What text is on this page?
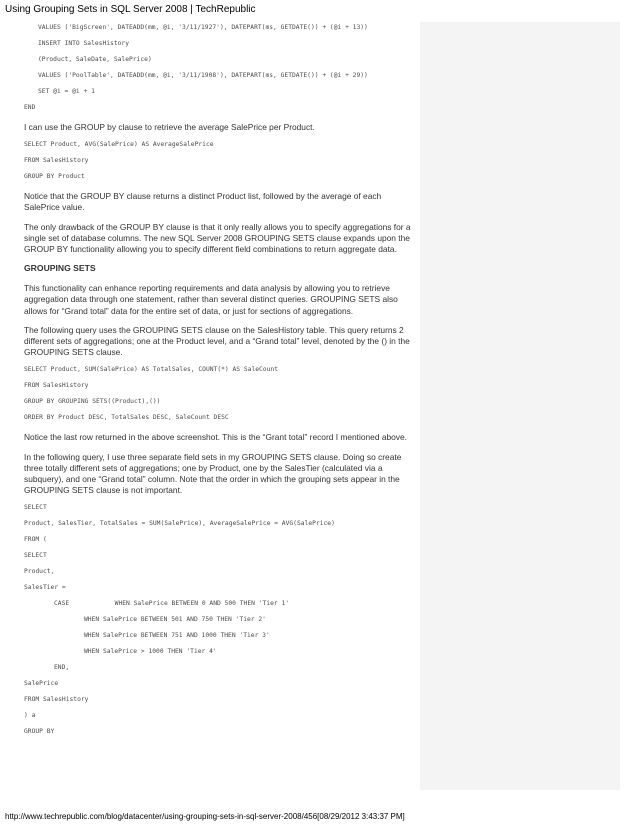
Using Grouping Sets in SQL Server 2008 | TechRepublic
VALUES ('BigScreen', DATEADD(mm, @i, '3/11/1927'), DATEPART(ms, GETDATE()) + (@i + 13))
INSERT INTO SalesHistory
(Product, SaleDate, SalePrice)
VALUES ('PoolTable', DATEADD(mm, @i, '3/11/1908'), DATEPART(ms, GETDATE()) + (@i + 29))
SET @i = @i + 1
END
I can use the GROUP by clause to retrieve the average SalePrice per Product.
SELECT Product, AVG(SalePrice) AS AverageSalePrice
FROM SalesHistory
GROUP BY Product
Notice that the GROUP BY clause returns a distinct Product list, followed by the average of each SalePrice value.
The only drawback of the GROUP BY clause is that it only really allows you to specify aggregations for a single set of database columns. The new SQL Server 2008 GROUPING SETS clause expands upon the GROUP BY functionality allowing you to specify different field combinations to return aggregate data.
GROUPING SETS
This functionality can enhance reporting requirements and data analysis by allowing you to retrieve aggregation data through one statement, rather than several distinct queries. GROUPING SETS also allows for “Grand total” data for the entire set of data, or just for sections of aggregations.
The following query uses the GROUPING SETS clause on the SalesHistory table. This query returns 2 different sets of aggregations; one at the Product level, and a “Grand total” level, denoted by the () in the GROUPING SETS clause.
SELECT Product, SUM(SalePrice) AS TotalSales, COUNT(*) AS SaleCount
FROM SalesHistory
GROUP BY GROUPING SETS((Product),())
ORDER BY Product DESC, TotalSales DESC, SaleCount DESC
Notice the last row returned in the above screenshot. This is the “Grant total” record I mentioned above.
In the following query, I use three separate field sets in my GROUPING SETS clause. Doing so create three totally different sets of aggregations; one by Product, one by the SalesTier (calculated via a subquery), and one “Grand total” column. Note that the order in which the grouping sets appear in the GROUPING SETS clause is not important.
SELECT
Product, SalesTier, TotalSales = SUM(SalePrice), AverageSalePrice = AVG(SalePrice)
FROM (
SELECT
Product,
SalesTier =
CASE            WHEN SalePrice BETWEEN 0 AND 500 THEN 'Tier 1'
WHEN SalePrice BETWEEN 501 AND 750 THEN 'Tier 2'
WHEN SalePrice BETWEEN 751 AND 1000 THEN 'Tier 3'
WHEN SalePrice > 1000 THEN 'Tier 4'
END,
SalePrice
FROM SalesHistory
) a
GROUP BY
http://www.techrepublic.com/blog/datacenter/using-grouping-sets-in-sql-server-2008/456[08/29/2012 3:43:37 PM]
